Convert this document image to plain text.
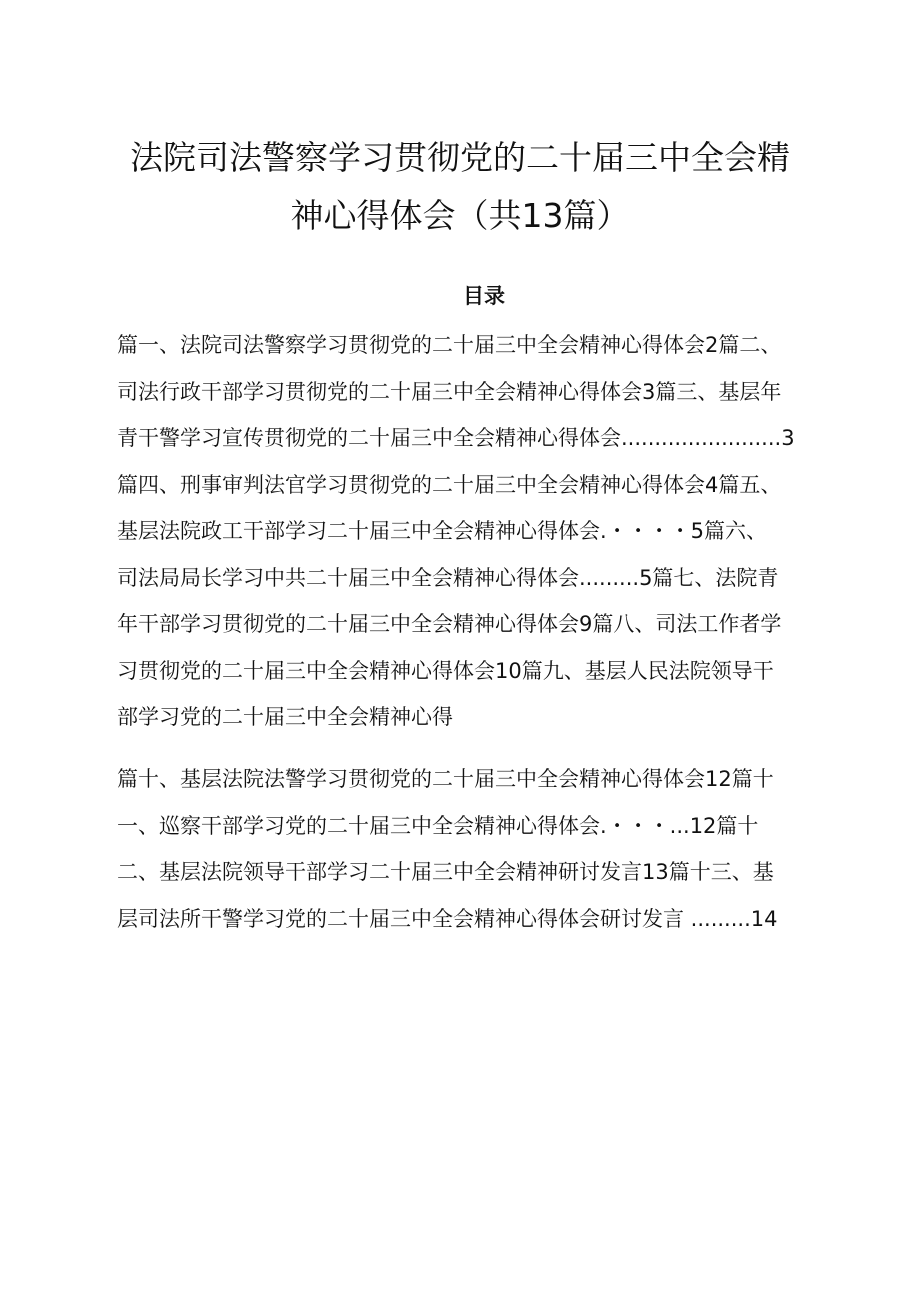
法院司法警察学习贯彻党的二十届三中全会精
神心得体会（共13篇）
目录
篇一、法院司法警察学习贯彻党的二十届三中全会精神心得体会2篇二、
司法行政干部学习贯彻党的二十届三中全会精神心得体会3篇三、基层年
青干警学习宣传贯彻党的二十届三中全会精神心得体会........................3
篇四、刑事审判法官学习贯彻党的二十届三中全会精神心得体会4篇五、
基层法院政工干部学习二十届三中全会精神心得体会.・・・・5篇六、
司法局局长学习中共二十届三中全会精神心得体会.........5篇七、法院青
年干部学习贯彻党的二十届三中全会精神心得体会9篇八、司法工作者学
习贯彻党的二十届三中全会精神心得体会10篇九、基层人民法院领导干
部学习党的二十届三中全会精神心得
篇十、基层法院法警学习贯彻党的二十届三中全会精神心得体会12篇十
一、巡察干部学习党的二十届三中全会精神心得体会.・・・...12篇十
二、基层法院领导干部学习二十届三中全会精神研讨发言13篇十三、基
层司法所干警学习党的二十届三中全会精神心得体会研讨发言 .........14
